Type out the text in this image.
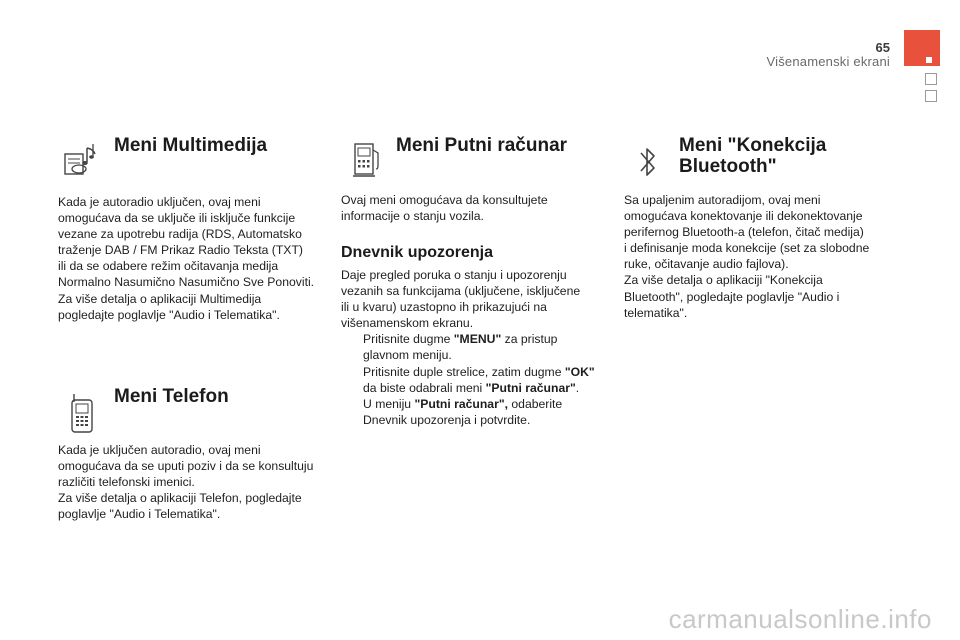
65
Višenamenski ekrani
Meni Multimedija

Kada je autoradio uključen, ovaj meni

omogućava da se uključe ili isključe funkcije

vezane za upotrebu radija (RDS, Automatsko

traženje DAB / FM Prikaz Radio Teksta (TXT)

ili da se odabere režim očitavanja medija

Normalno Nasumično Nasumično Sve Ponoviti.

Za više detalja o aplikaciji Multimedija

pogledajte poglavlje "Audio i Telematika".

Meni Telefon

Kada je uključen autoradio, ovaj meni

omogućava da se uputi poziv i da se konsultuju

različiti telefonski imenici.

Za više detalja o aplikaciji Telefon, pogledajte

poglavlje "Audio i Telematika".

Meni Putni računar

Ovaj meni omogućava da konsultujete

informacije o stanju vozila.

Dnevnik upozorenja

Daje pregled poruka o stanju i upozorenju

vezanih sa funkcijama (uključene, isključene

ili u kvaru) uzastopno ih prikazujući na

višenamenskom ekranu.

Pritisnite dugme "MENU" za pristup
glavnom meniju.
Pritisnite duple strelice, zatim dugme "OK"
da biste odabrali meni "Putni računar".
U meniju "Putni računar", odaberite
Dnevnik upozorenja i potvrdite.
Meni "Konekcija
Bluetooth"

Sa upaljenim autoradijom, ovaj meni

omogućava konektovanje ili dekonektovanje

perifernog Bluetooth-a (telefon, čitač medija)

i definisanje moda konekcije (set za slobodne

ruke, očitavanje audio fajlova).

Za više detalja o aplikaciji "Konekcija

Bluetooth", pogledajte poglavlje "Audio i

telematika".

carmanualsonline.info
